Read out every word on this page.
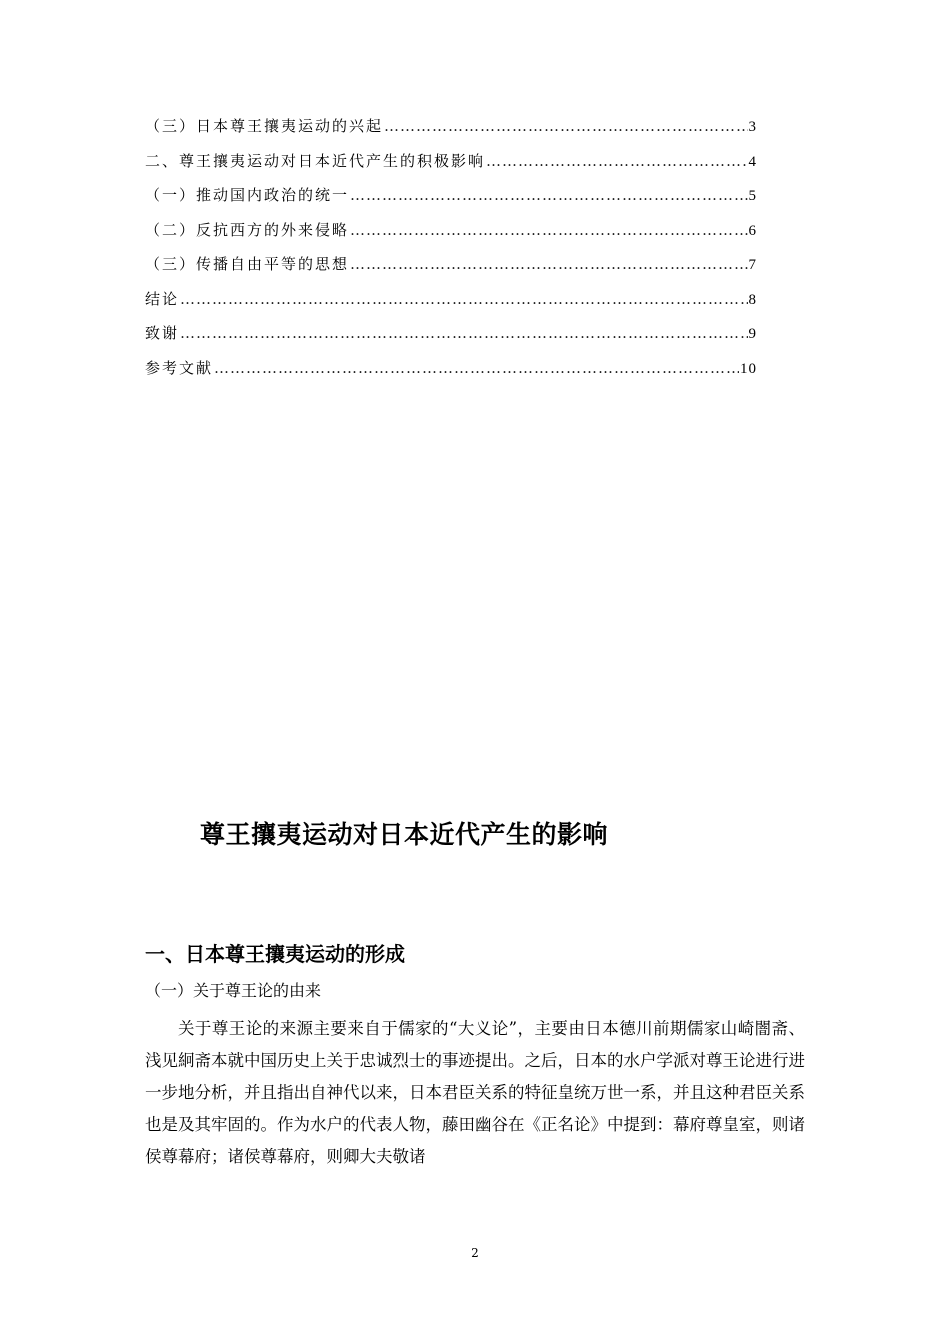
（三）日本尊王攘夷运动的兴起 …………………………………………………………………………………………………………………………………………………………………………	3
二、尊王攘夷运动对日本近代产生的积极影响 …………………………………………………………………………………………………………………………………………………………………………	4
（一）推动国内政治的统一 …………………………………………………………………………………………………………………………………………………………………………	5
（二）反抗西方的外来侵略 …………………………………………………………………………………………………………………………………………………………………………	6
（三）传播自由平等的思想 …………………………………………………………………………………………………………………………………………………………………………	7
结论 …………………………………………………………………………………………………………………………………………………………………………	8
致谢 …………………………………………………………………………………………………………………………………………………………………………	9
参考文献 …………………………………………………………………………………………………………………………………………………………………………	10
尊王攘夷运动对日本近代产生的影响
一、日本尊王攘夷运动的形成
（一）关于尊王论的由来
关于尊王论的来源主要来自于儒家的“大义论”，主要由日本德川前期儒家山崎闇斋、浅见絅斋本就中国历史上关于忠诚烈士的事迹提出。之后，日本的水户学派对尊王论进行进一步地分析，并且指出自神代以来，日本君臣关系的特征皇统万世一系，并且这种君臣关系也是及其牢固的。作为水户的代表人物，藤田幽谷在《正名论》中提到：幕府尊皇室，则诸侯尊幕府；诸侯尊幕府，则卿大夫敬诸
2
